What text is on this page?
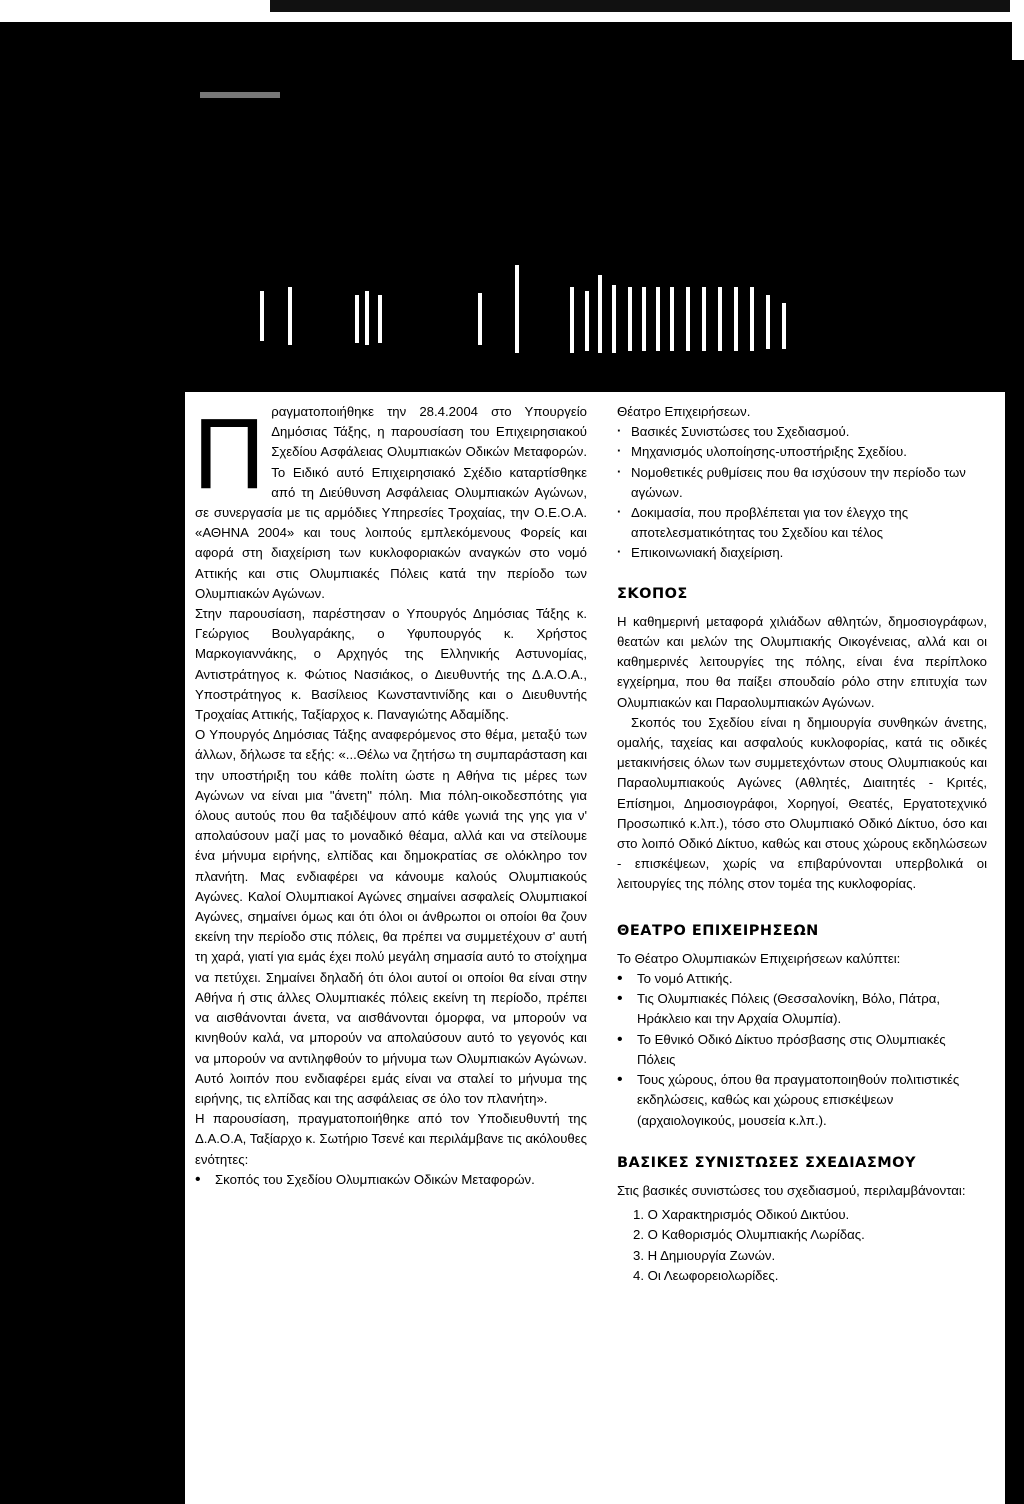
Π ραγματοποιήθηκε την 28.4.2004 στο Υπουργείο Δημόσιας Τάξης, η παρουσίαση του Επιχειρησιακού Σχεδίου Ασφάλειας Ολυμπιακών Οδικών Μεταφορών. Το Ειδικό αυτό Επιχειρησιακό Σχέδιο καταρτίσθηκε από τη Διεύθυνση Ασφάλειας Ολυμπιακών Αγώνων, σε συνεργασία με τις αρμόδιες Υπηρεσίες Τροχαίας, την Ο.Ε.Ο.Α. «ΑΘΗΝΑ 2004» και τους λοιπούς εμπλεκόμενους Φορείς και αφορά στη διαχείριση των κυκλοφοριακών αναγκών στο νομό Αττικής και στις Ολυμπιακές Πόλεις κατά την περίοδο των Ολυμπιακών Αγώνων.

Στην παρουσίαση, παρέστησαν ο Υπουργός Δημόσιας Τάξης κ. Γεώργιος Βουλγαράκης, ο Υφυπουργός κ. Χρήστος Μαρκογιαννάκης, ο Αρχηγός της Ελληνικής Αστυνομίας, Αντιστράτηγος κ. Φώτιος Νασιάκος, ο Διευθυντής της Δ.Α.Ο.Α., Υποστράτηγος κ. Βασίλειος Κωνσταντινίδης και ο Διευθυντής Τροχαίας Αττικής, Ταξίαρχος κ. Παναγιώτης Αδαμίδης.

Ο Υπουργός Δημόσιας Τάξης αναφερόμενος στο θέμα, μεταξύ των άλλων, δήλωσε τα εξής: «...Θέλω να ζητήσω τη συμπαράσταση και την υποστήριξη του κάθε πολίτη ώστε η Αθήνα τις μέρες των Αγώνων να είναι μια "άνετη" πόλη. Μια πόλη-οικοδεσπότης για όλους αυτούς που θα ταξιδέψουν από κάθε γωνιά της γης για ν' απολαύσουν μαζί μας το μοναδικό θέαμα, αλλά και να στείλουμε ένα μήνυμα ειρήνης, ελπίδας και δημοκρατίας σε ολόκληρο τον πλανήτη. Μας ενδιαφέρει να κάνουμε καλούς Ολυμπιακούς Αγώνες. Καλοί Ολυμπιακοί Αγώνες σημαίνει ασφαλείς Ολυμπιακοί Αγώνες, σημαίνει όμως και ότι όλοι οι άνθρωποι οι οποίοι θα ζουν εκείνη την περίοδο στις πόλεις, θα πρέπει να συμμετέχουν σ' αυτή τη χαρά, γιατί για εμάς έχει πολύ μεγάλη σημασία αυτό το στοίχημα να πετύχει. Σημαίνει δηλαδή ότι όλοι αυτοί οι οποίοι θα είναι στην Αθήνα ή στις άλλες Ολυμπιακές πόλεις εκείνη τη περίοδο, πρέπει να αισθάνονται άνετα, να αισθάνονται όμορφα, να μπορούν να κινηθούν καλά, να μπορούν να απολαύσουν αυτό το γεγονός και να μπορούν να αντιληφθούν το μήνυμα των Ολυμπιακών Αγώνων. Αυτό λοιπόν που ενδιαφέρει εμάς είναι να σταλεί το μήνυμα της ειρήνης, τις ελπίδας και της ασφάλειας σε όλο τον πλανήτη».

Η παρουσίαση, πραγματοποιήθηκε από τον Υποδιευθυντή της Δ.Α.Ο.Α, Ταξίαρχο κ. Σωτήριο Τσενέ και περιλάμβανε τις ακόλουθες ενότητες:

• Σκοπός του Σχεδίου Ολυμπιακών Οδικών Μεταφορών.
· Θέατρο Επιχειρήσεων.
· Βασικές Συνιστώσες του Σχεδιασμού.
· Μηχανισμός υλοποίησης-υποστήριξης Σχεδίου.
· Νομοθετικές ρυθμίσεις που θα ισχύσουν την περίοδο των αγώνων.
· Δοκιμασία, που προβλέπεται για τον έλεγχο της αποτελεσματικότητας του Σχεδίου και τέλος
· Επικοινωνιακή διαχείριση.
ΣΚΟΠΟΣ

Η καθημερινή μεταφορά χιλιάδων αθλητών, δημοσιογράφων, θεατών και μελών της Ολυμπιακής Οικογένειας, αλλά και οι καθημερινές λειτουργίες της πόλης, είναι ένα περίπλοκο εγχείρημα, που θα παίξει σπουδαίο ρόλο στην επιτυχία των Ολυμπιακών και Παραολυμπιακών Αγώνων.

Σκοπός του Σχεδίου είναι η δημιουργία συνθηκών άνετης, ομαλής, ταχείας και ασφαλούς κυκλοφορίας, κατά τις οδικές μετακινήσεις όλων των συμμετεχόντων στους Ολυμπιακούς και Παραολυμπιακούς Αγώνες (Αθλητές, Διαιτητές - Κριτές, Επίσημοι, Δημοσιογράφοι, Χορηγοί, Θεατές, Εργατοτεχνικό Προσωπικό κ.λπ.), τόσο στο Ολυμπιακό Οδικό Δίκτυο, όσο και στο λοιπό Οδικό Δίκτυο, καθώς και στους χώρους εκδηλώσεων - επισκέψεων, χωρίς να επιβαρύνονται υπερβολικά οι λειτουργίες της πόλης στον τομέα της κυκλοφορίας.

ΘΕΑΤΡΟ ΕΠΙΧΕΙΡΗΣΕΩΝ

Το Θέατρο Ολυμπιακών Επιχειρήσεων καλύπτει:

• Το νομό Αττικής.
• Τις Ολυμπιακές Πόλεις (Θεσσαλονίκη, Βόλο, Πάτρα, Ηράκλειο και την Αρχαία Ολυμπία).
• Το Εθνικό Οδικό Δίκτυο πρόσβασης στις Ολυμπιακές Πόλεις
• Τους χώρους, όπου θα πραγματοποιηθούν πολιτιστικές εκδηλώσεις, καθώς και χώρους επισκέψεων (αρχαιολογικούς, μουσεία κ.λπ.).
ΒΑΣΙΚΕΣ ΣΥΝΙΣΤΩΣΕΣ ΣΧΕΔΙΑΣΜΟΥ

Στις βασικές συνιστώσες του σχεδιασμού, περιλαμβάνονται:

1. Ο Χαρακτηρισμός Οδικού Δικτύου.
2. Ο Καθορισμός Ολυμπιακής Λωρίδας.
3. Η Δημιουργία Ζωνών.
4. Οι Λεωφορειολωρίδες.
10
